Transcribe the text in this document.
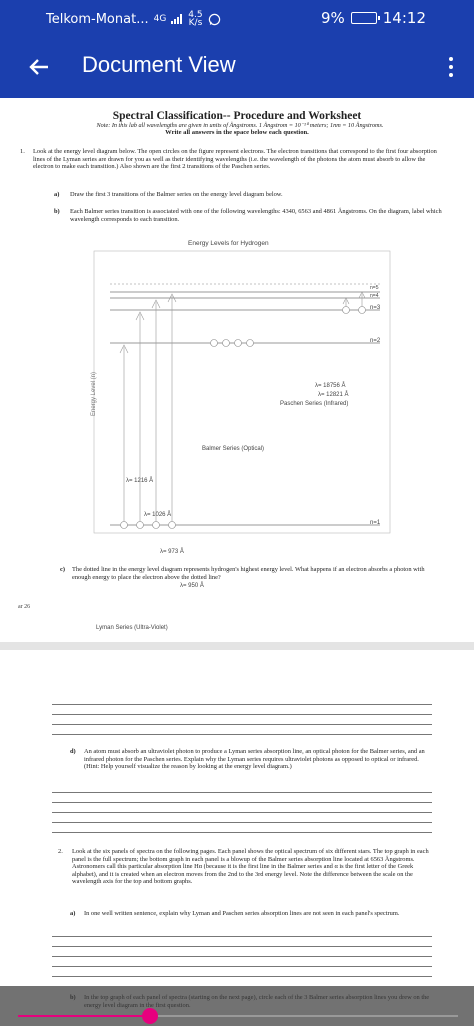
Telkom-Monat... 4G 4.5
K/s	9%	14:12
Document View
Spectral Classification-- Procedure and Worksheet
Note: In this lab all wavelengths are given in units of Ångstroms. 1 Ångstrom = 10⁻¹⁰ meters; 1nm = 10 Ångstroms.
Write all answers in the space below each question.
1. Look at the energy level diagram below. The open circles on the figure represent electrons. The electron transitions that correspond to the first four absorption lines of the Lyman series are drawn for you as well as their identifying wavelengths (i.e. the wavelength of the photons the atom must absorb to allow the electron to make each transition.) Also shown are the first 2 transitions of the Paschen series.
a) Draw the first 3 transitions of the Balmer series on the energy level diagram below.
b) Each Balmer series transition is associated with one of the following wavelengths: 4340, 6563 and 4861 Ångstroms. On the diagram, label which wavelength corresponds to each transition.
Energy Levels for Hydrogen
Energy Level (n)
n=1
n=2
n=3
n=4
n=5
λ= 1216 Å
λ= 1026 Å
λ= 973 Å
λ= 950 Å
λ= 18756 Å
λ= 12821 Å
Paschen Series (Infrared)
Balmer Series (Optical)
Lyman Series (Ultra-Violet)
c) The dotted line in the energy level diagram represents hydrogen's highest energy level. What happens if an electron absorbs a photon with enough energy to place the electron above the dotted line?
ar 26
d) An atom must absorb an ultraviolet photon to produce a Lyman series absorption line, an optical photon for the Balmer series, and an infrared photon for the Paschen series. Explain why the Lyman series requires ultraviolet photons as opposed to optical or infrared. (Hint: Help yourself visualize the reason by looking at the energy level diagram.)
2. Look at the six panels of spectra on the following pages. Each panel shows the optical spectrum of six different stars. The top graph in each panel is the full spectrum; the bottom graph in each panel is a blowup of the Balmer series absorption line located at 6563 Ångstroms. Astronomers call this particular absorption line Hα (because it is the first line in the Balmer series and α is the first letter of the Greek alphabet), and it is created when an electron moves from the 2nd to the 3rd energy level. Note the difference between the scale on the wavelength axis for the top and bottom graphs.
a) In one well written sentence, explain why Lyman and Paschen series absorption lines are not seen in each panel's spectrum.
